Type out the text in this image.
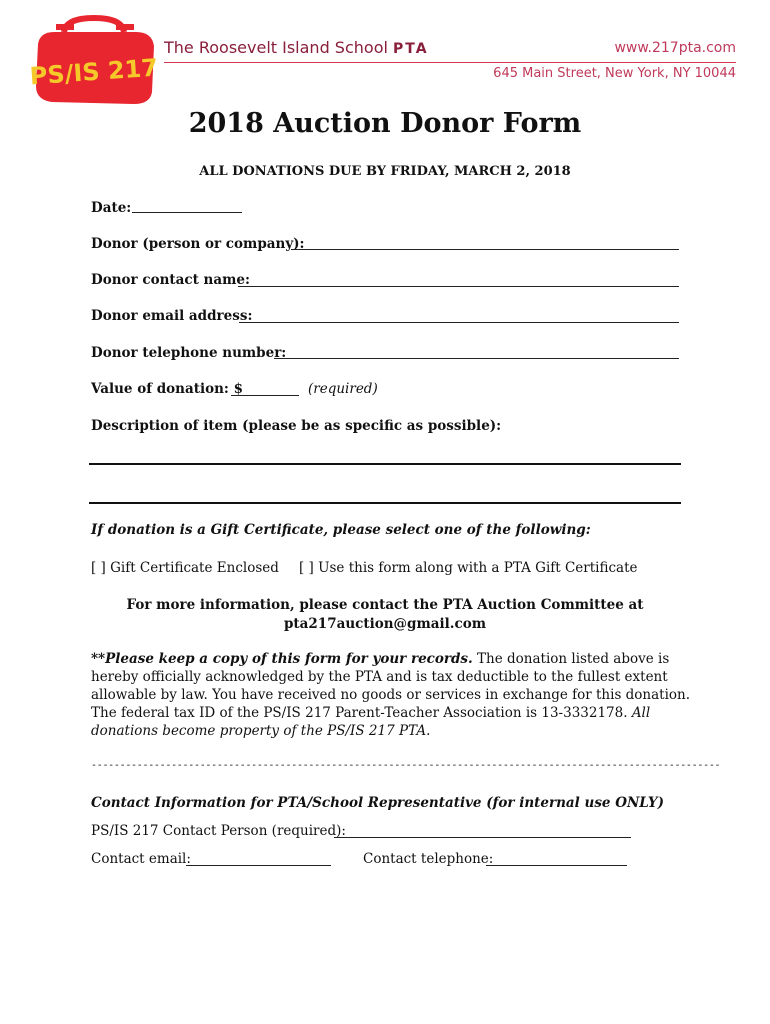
PS/IS 217
The Roosevelt Island School PTA	www.217pta.com
645 Main Street, New York, NY 10044
2018 Auction Donor Form
ALL DONATIONS DUE BY FRIDAY, MARCH 2, 2018
Date:
Donor (person or company):
Donor contact name:
Donor email address:
Donor telephone number:
Value of donation: $	(required)
Description of item (please be as specific as possible):
If donation is a Gift Certificate, please select one of the following:
[ ] Gift Certificate Enclosed [ ] Use this form along with a PTA Gift Certificate
For more information, please contact the PTA Auction Committee at
pta217auction@gmail.com
**Please keep a copy of this form for your records. The donation listed above is hereby officially acknowledged by the PTA and is tax deductible to the fullest extent allowable by law. You have received no goods or services in exchange for this donation. The federal tax ID of the PS/IS 217 Parent-Teacher Association is 13-3332178. All donations become property of the PS/IS 217 PTA.
--------------------------------------------------------------------------------------------------------------
Contact Information for PTA/School Representative (for internal use ONLY)
PS/IS 217 Contact Person (required):
Contact email:	Contact telephone:
